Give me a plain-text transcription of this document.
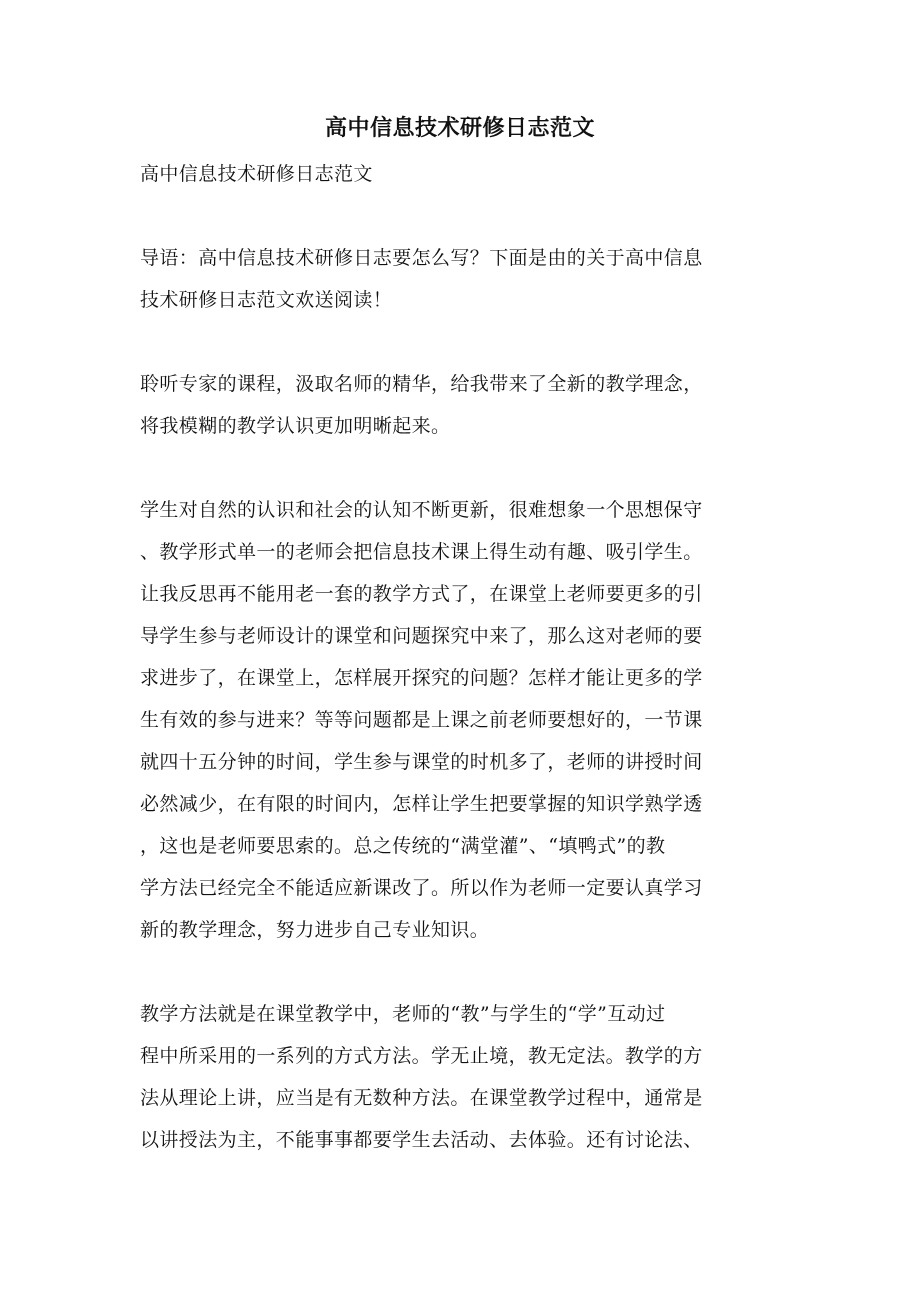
高中信息技术研修日志范文
高中信息技术研修日志范文
导语：高中信息技术研修日志要怎么写？下面是由的关于高中信息
技术研修日志范文欢送阅读！
聆听专家的课程，汲取名师的精华，给我带来了全新的教学理念，
将我模糊的教学认识更加明晰起来。
学生对自然的认识和社会的认知不断更新，很难想象一个思想保守
、教学形式单一的老师会把信息技术课上得生动有趣、吸引学生。
让我反思再不能用老一套的教学方式了，在课堂上老师要更多的引
导学生参与老师设计的课堂和问题探究中来了，那么这对老师的要
求进步了，在课堂上，怎样展开探究的问题？怎样才能让更多的学
生有效的参与进来？等等问题都是上课之前老师要想好的，一节课
就四十五分钟的时间，学生参与课堂的时机多了，老师的讲授时间
必然减少，在有限的时间内，怎样让学生把要掌握的知识学熟学透
，这也是老师要思索的。总之传统的“满堂灌”、“填鸭式”的教
学方法已经完全不能适应新课改了。所以作为老师一定要认真学习
新的教学理念，努力进步自己专业知识。
教学方法就是在课堂教学中，老师的“教”与学生的“学”互动过
程中所采用的一系列的方式方法。学无止境，教无定法。教学的方
法从理论上讲，应当是有无数种方法。在课堂教学过程中，通常是
以讲授法为主，不能事事都要学生去活动、去体验。还有讨论法、
